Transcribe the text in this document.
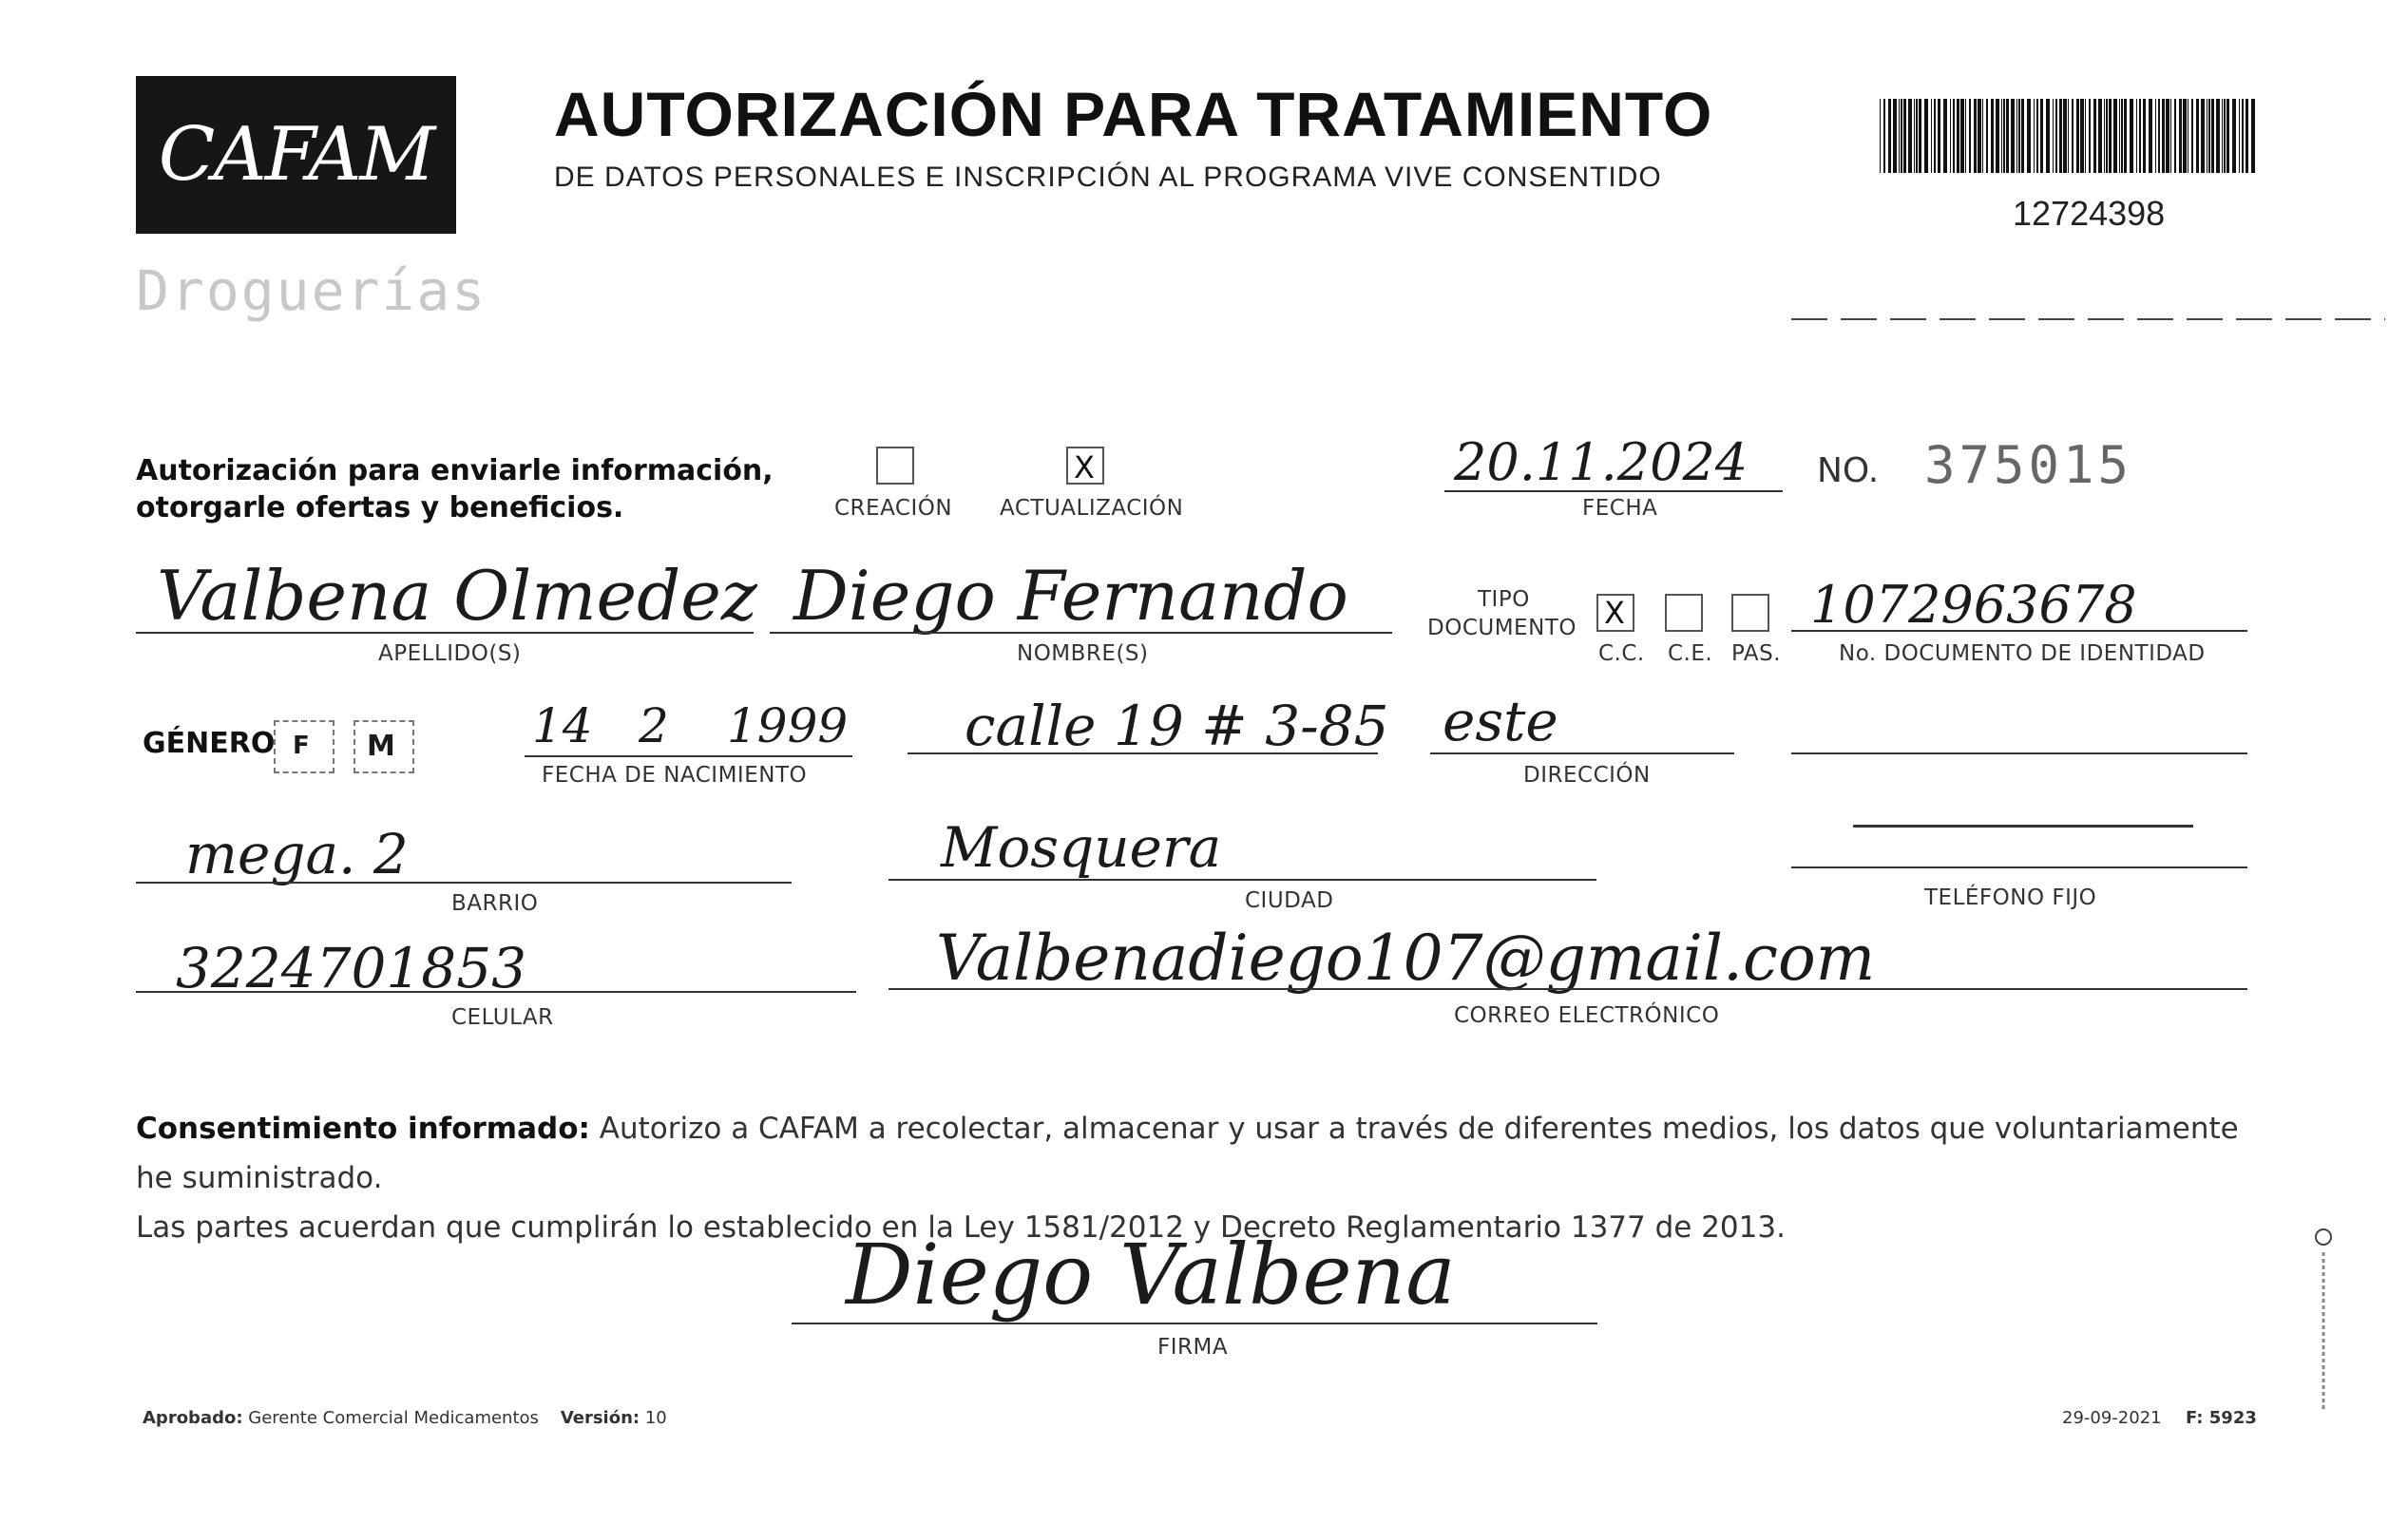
CAFAM
Droguerías
AUTORIZACIÓN PARA TRATAMIENTO
DE DATOS PERSONALES E INSCRIPCIÓN AL PROGRAMA VIVE CONSENTIDO
12724398
Autorización para enviarle información,
otorgarle ofertas y beneficios.	CREACIÓN
X
ACTUALIZACIÓN
20.11.2024
FECHA
NO. 375015
Valbena Olmedez
APELLIDO(S)
Diego Fernando
NOMBRE(S)
TIPO
DOCUMENTO X
C.C. C.E. PAS.
1072963678
No. DOCUMENTO DE IDENTIDAD
GÉNERO F M	14 2 1999
FECHA DE NACIMIENTO
calle 19 # 3-85 este
DIRECCIÓN
mega. 2
BARRIO
Mosquera
CIUDAD	TELÉFONO FIJO
3224701853
CELULAR
Valbenadiego107@gmail.com
CORREO ELECTRÓNICO
Consentimiento informado: Autorizo a CAFAM a recolectar, almacenar y usar a través de diferentes medios, los datos que voluntariamente he suministrado.
Las partes acuerdan que cumplirán lo establecido en la Ley 1581/2012 y Decreto Reglamentario 1377 de 2013.
Diego Valbena
FIRMA
Aprobado: Gerente Comercial Medicamentos Versión: 10	29-09-2021 F: 5923
